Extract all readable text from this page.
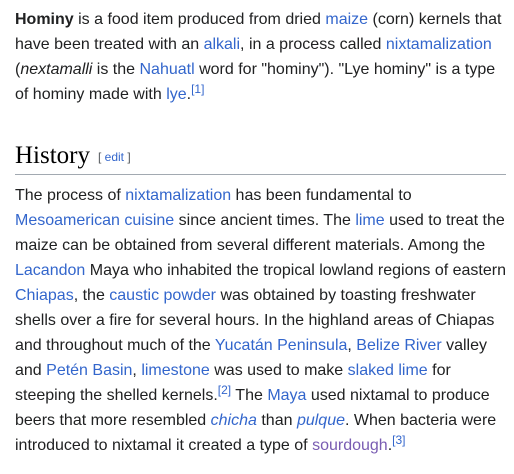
Hominy is a food item produced from dried maize (corn) kernels that have been treated with an alkali, in a process called nixtamalization (nextamalli is the Nahuatl word for "hominy"). "Lye hominy" is a type of hominy made with lye.[1]

History [ edit ]

The process of nixtamalization has been fundamental to Mesoamerican cuisine since ancient times. The lime used to treat the maize can be obtained from several different materials. Among the Lacandon Maya who inhabited the tropical lowland regions of eastern Chiapas, the caustic powder was obtained by toasting freshwater shells over a fire for several hours. In the highland areas of Chiapas and throughout much of the Yucatán Peninsula, Belize River valley and Petén Basin, limestone was used to make slaked lime for steeping the shelled kernels.[2] The Maya used nixtamal to produce beers that more resembled chicha than pulque. When bacteria were introduced to nixtamal it created a type of sourdough.[3]
